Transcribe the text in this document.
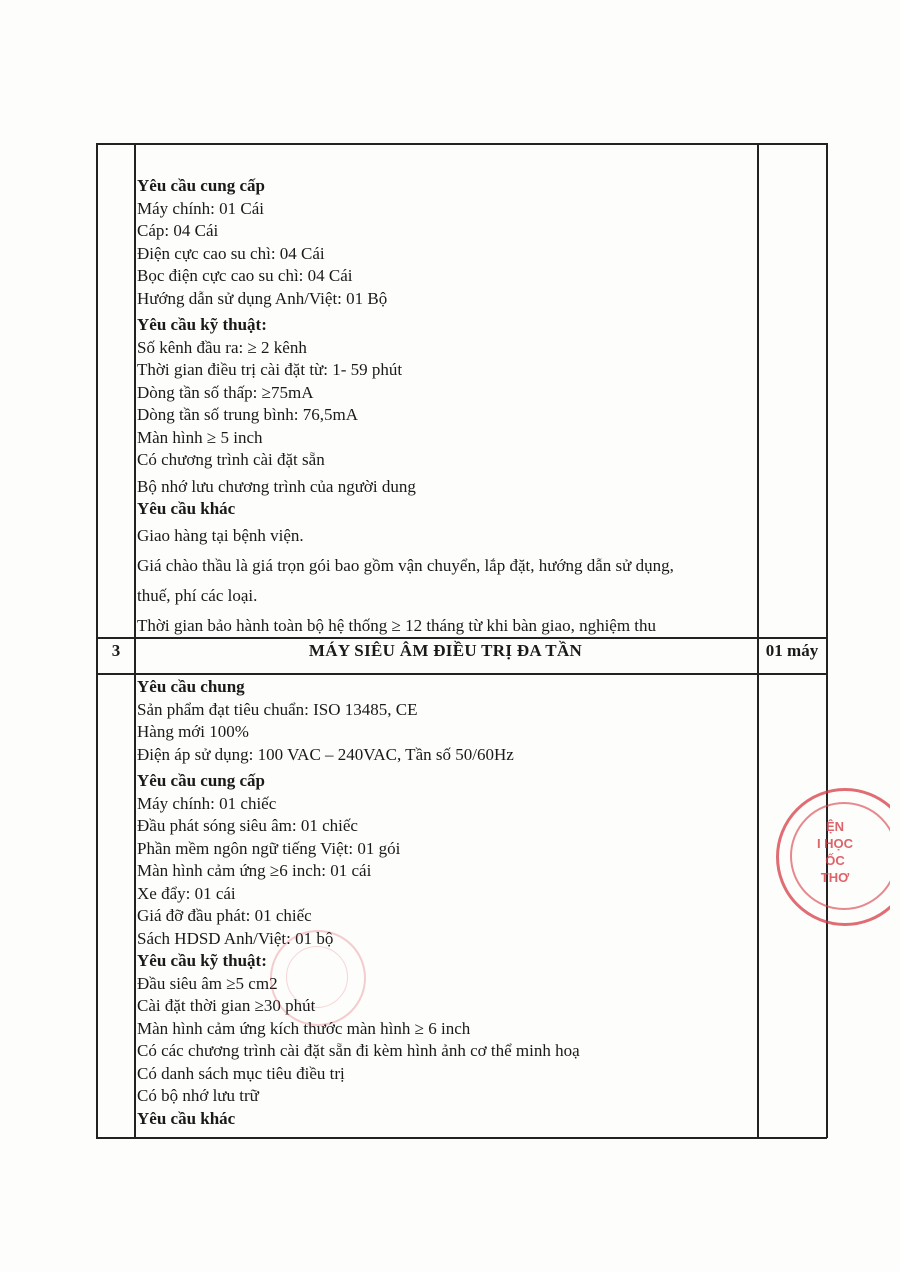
Yêu cầu cung cấp
Máy chính: 01 Cái
Cáp: 04 Cái
Điện cực cao su chì: 04 Cái
Bọc điện cực cao su chì: 04 Cái
Hướng dẫn sử dụng Anh/Việt: 01 Bộ
Yêu cầu kỹ thuật:
Số kênh đầu ra: ≥ 2 kênh
Thời gian điều trị cài đặt từ: 1- 59 phút
Dòng tần số thấp: ≥75mA
Dòng tần số trung bình: 76,5mA
Màn hình ≥ 5 inch
Có chương trình cài đặt sẵn
Bộ nhớ lưu chương trình của người dung
Yêu cầu khác
Giao hàng tại bệnh viện.
Giá chào thầu là giá trọn gói bao gồm vận chuyển, lắp đặt, hướng dẫn sử dụng,
thuế, phí các loại.
Thời gian bảo hành toàn bộ hệ thống ≥ 12 tháng từ khi bàn giao, nghiệm thu
3	MÁY SIÊU ÂM ĐIỀU TRỊ ĐA TẦN	01 máy
Yêu cầu chung
Sản phẩm đạt tiêu chuẩn: ISO 13485, CE
Hàng mới 100%
Điện áp sử dụng: 100 VAC – 240VAC, Tần số 50/60Hz
Yêu cầu cung cấp
Máy chính: 01 chiếc
Đầu phát sóng siêu âm: 01 chiếc
Phần mềm ngôn ngữ tiếng Việt: 01 gói
Màn hình cảm ứng ≥6 inch: 01 cái
Xe đẩy: 01 cái
Giá đỡ đầu phát: 01 chiếc
Sách HDSD Anh/Việt: 01 bộ
Yêu cầu kỹ thuật:
Đầu siêu âm ≥5 cm2
Cài đặt thời gian ≥30 phút
Màn hình cảm ứng kích thước màn hình ≥ 6 inch
Có các chương trình cài đặt sẵn đi kèm hình ảnh cơ thể minh hoạ
Có danh sách mục tiêu điều trị
Có bộ nhớ lưu trữ
Yêu cầu khác
ỆN
I HỌC
ỐC
THƠ
